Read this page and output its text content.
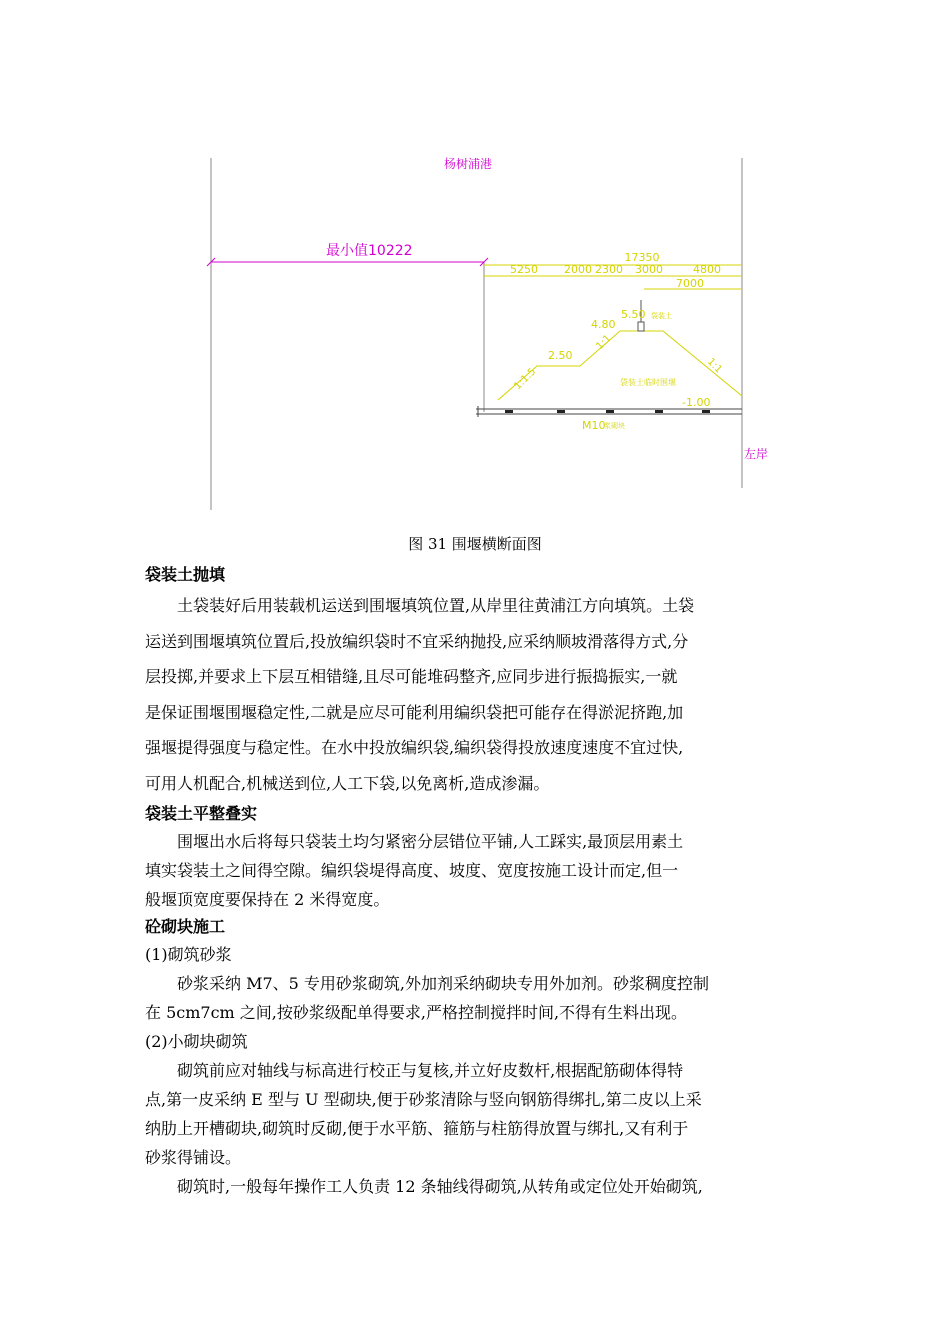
杨树浦港
最小值10222	17350
5250 2000 2300 3000	4800
7000
5.50 袋装土
4.80
2.50
-1.00
1:1.5
1:1
1:1
袋装土临时围堰
M10
浆砌块
左岸
图 31 围堰横断面图
袋装土抛填
土袋装好后用装载机运送到围堰填筑位置,从岸里往黄浦江方向填筑。土袋
运送到围堰填筑位置后,投放编织袋时不宜采纳抛投,应采纳顺坡滑落得方式,分
层投掷,并要求上下层互相错缝,且尽可能堆码整齐,应同步进行振捣振实,一就
是保证围堰围堰稳定性,二就是应尽可能利用编织袋把可能存在得淤泥挤跑,加
强堰提得强度与稳定性。在水中投放编织袋,编织袋得投放速度速度不宜过快,
可用人机配合,机械送到位,人工下袋,以免离析,造成渗漏。
袋装土平整叠实
围堰出水后将每只袋装土均匀紧密分层错位平铺,人工踩实,最顶层用素土
填实袋装土之间得空隙。编织袋堤得高度、坡度、宽度按施工设计而定,但一
般堰顶宽度要保持在 2 米得宽度。
砼砌块施工
(1)砌筑砂浆
砂浆采纳 M7、5 专用砂浆砌筑,外加剂采纳砌块专用外加剂。砂浆稠度控制
在 5cm7cm 之间,按砂浆级配单得要求,严格控制搅拌时间,不得有生料出现。
(2)小砌块砌筑
砌筑前应对轴线与标高进行校正与复核,并立好皮数杆,根据配筋砌体得特
点,第一皮采纳 E 型与 U 型砌块,便于砂浆清除与竖向钢筋得绑扎,第二皮以上采
纳肋上开槽砌块,砌筑时反砌,便于水平筋、箍筋与柱筋得放置与绑扎,又有利于
砂浆得铺设。
砌筑时,一般每年操作工人负责 12 条轴线得砌筑,从转角或定位处开始砌筑,
